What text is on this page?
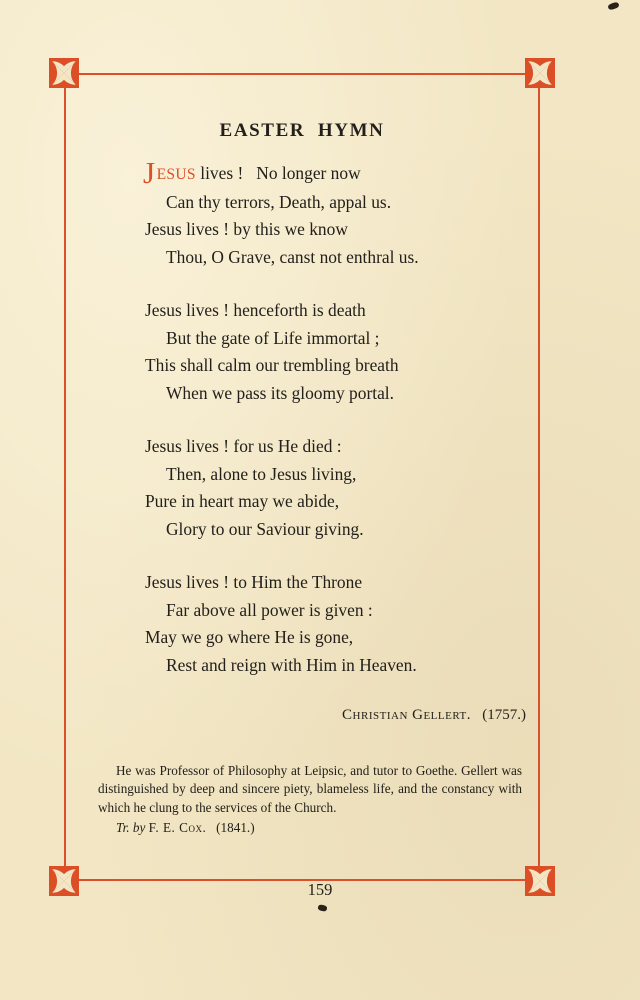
EASTER  HYMN
JESUS lives !   No longer now
Can thy terrors, Death, appal us.
Jesus lives ! by this we know
Thou, O Grave, canst not enthral us.
Jesus lives ! henceforth is death
But the gate of Life immortal ;
This shall calm our trembling breath
When we pass its gloomy portal.
Jesus lives ! for us He died :
Then, alone to Jesus living,
Pure in heart may we abide,
Glory to our Saviour giving.
Jesus lives ! to Him the Throne
Far above all power is given :
May we go where He is gone,
Rest and reign with Him in Heaven.
Christian Gellert. (1757.)
He was Professor of Philosophy at Leipsic, and tutor to Goethe. Gellert was distinguished by deep and sincere piety, blameless life, and the constancy with which he clung to the services of the Church.
Tr. by F. E. Cox. (1841.)
159
